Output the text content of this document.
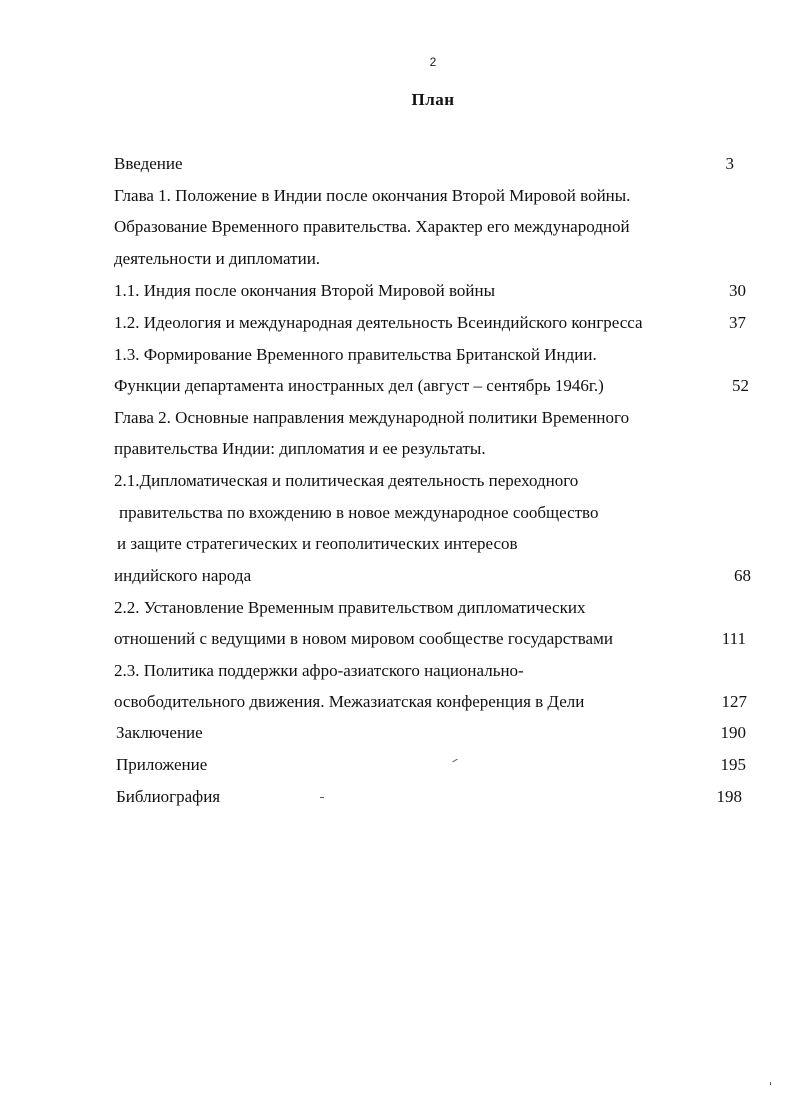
2
План
Введение	3
Глава 1. Положение в Индии после окончания Второй Мировой войны.
Образование Временного правительства. Характер его международной
деятельности и дипломатии.
1.1. Индия после окончания Второй Мировой войны	30
1.2. Идеология и международная деятельность Всеиндийского конгресса	37
1.3. Формирование Временного правительства Британской Индии.
Функции департамента иностранных дел (август – сентябрь 1946г.)	52
Глава 2. Основные направления международной политики Временного
правительства Индии: дипломатия и ее результаты.
2.1.Дипломатическая и политическая деятельность переходного
правительства по вхождению в новое международное сообщество
и защите стратегических и геополитических интересов
индийского народа	68
2.2. Установление Временным правительством дипломатических
отношений с ведущими в новом мировом сообществе государствами	111
2.3. Политика поддержки афро-азиатского национально-
освободительного движения. Межазиатская конференция в Дели	127
Заключение	190
Приложение	195
Библиография	198
